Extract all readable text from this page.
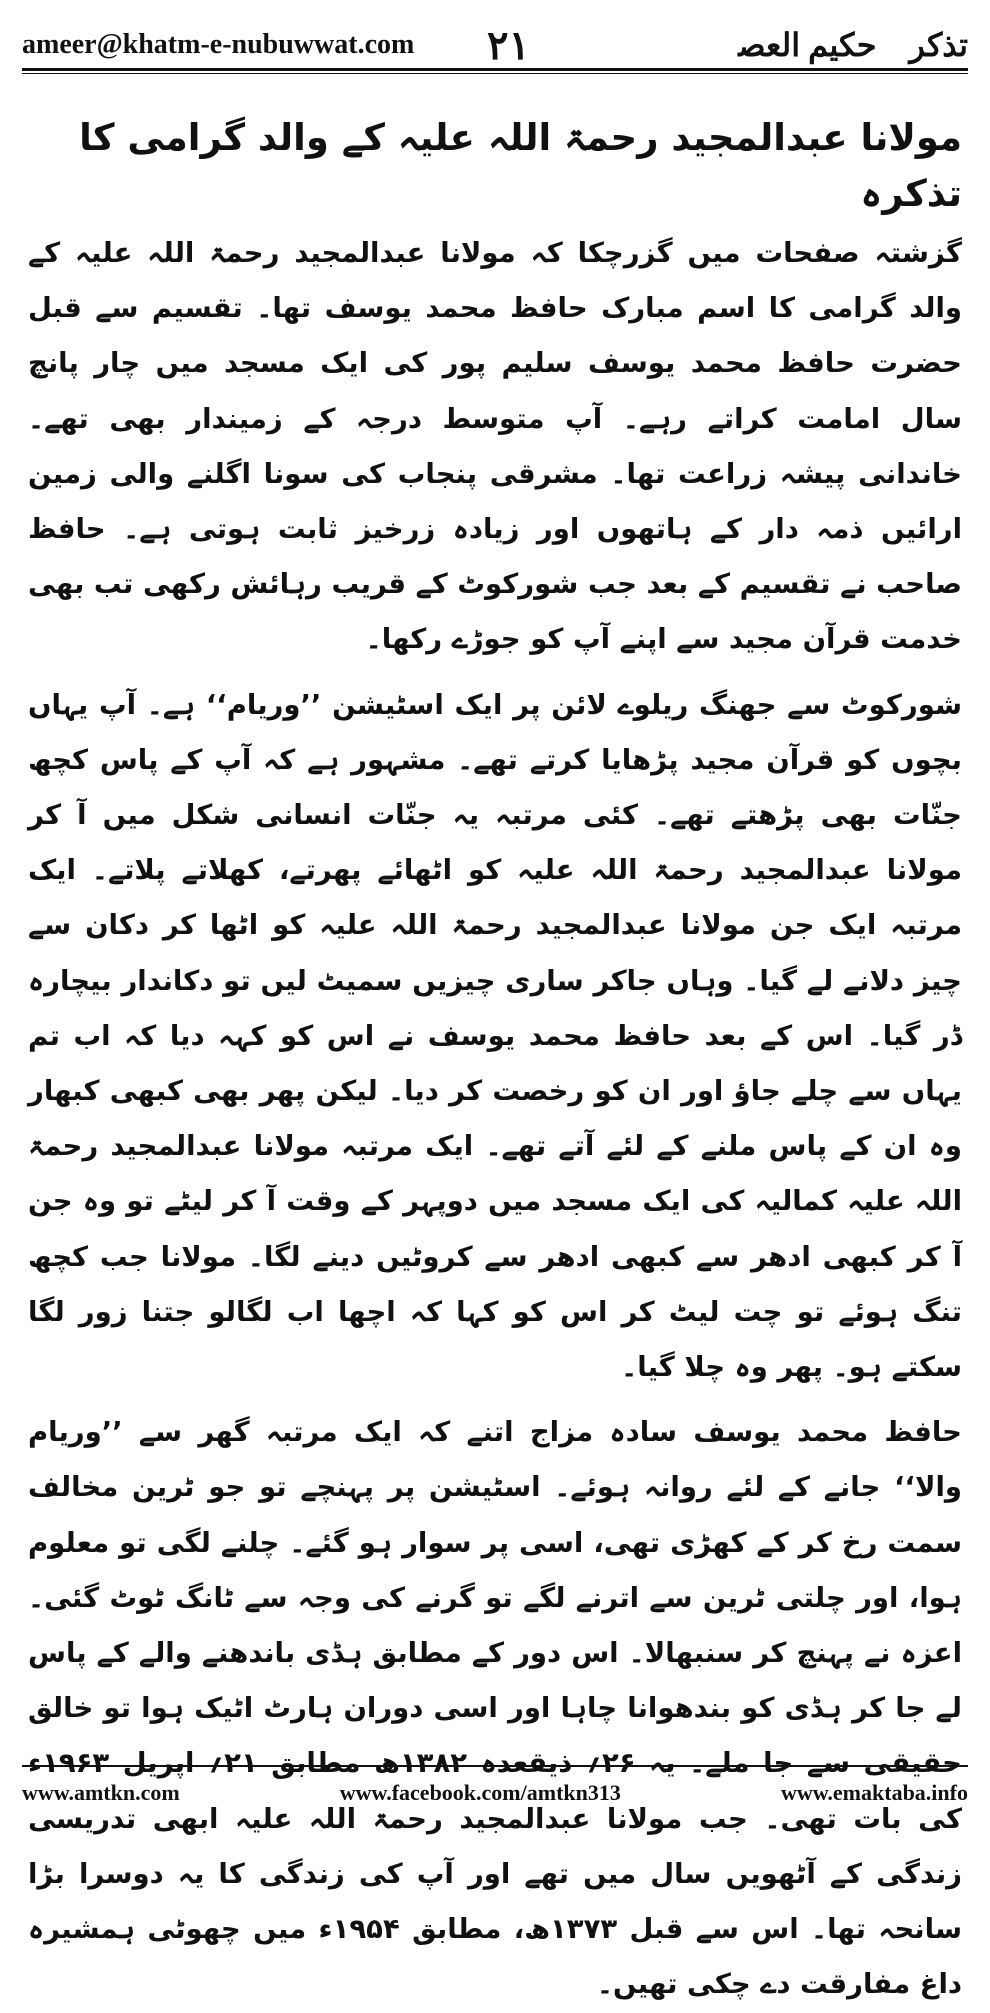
ameer@khatm-e-nubuwwat.com ۲۱	تذکرہ حکیم العصرؒ
مولانا عبدالمجید رحمۃ اللہ علیہ کے والد گرامی کا تذکرہ

گزشتہ صفحات میں گزرچکا کہ مولانا عبدالمجید رحمۃ اللہ علیہ کے والد گرامی کا اسم مبارک حافظ محمد یوسف تھا۔ تقسیم سے قبل حضرت حافظ محمد یوسف سلیم پور کی ایک مسجد میں چار پانچ سال امامت کراتے رہے۔ آپ متوسط درجہ کے زمیندار بھی تھے۔ خاندانی پیشہ زراعت تھا۔ مشرقی پنجاب کی سونا اگلنے والی زمین ارائیں ذمہ دار کے ہاتھوں اور زیادہ زرخیز ثابت ہوتی ہے۔ حافظ صاحب نے تقسیم کے بعد جب شورکوٹ کے قریب رہائش رکھی تب بھی خدمت قرآن مجید سے اپنے آپ کو جوڑے رکھا۔

شورکوٹ سے جھنگ ریلوے لائن پر ایک اسٹیشن ’’وریام‘‘ ہے۔ آپ یہاں بچوں کو قرآن مجید پڑھایا کرتے تھے۔ مشہور ہے کہ آپ کے پاس کچھ جنّات بھی پڑھتے تھے۔ کئی مرتبہ یہ جنّات انسانی شکل میں آ کر مولانا عبدالمجید رحمۃ اللہ علیہ کو اٹھائے پھرتے، کھلاتے پلاتے۔ ایک مرتبہ ایک جن مولانا عبدالمجید رحمۃ اللہ علیہ کو اٹھا کر دکان سے چیز دلانے لے گیا۔ وہاں جاکر ساری چیزیں سمیٹ لیں تو دکاندار بیچارہ ڈر گیا۔ اس کے بعد حافظ محمد یوسف نے اس کو کہہ دیا کہ اب تم یہاں سے چلے جاؤ اور ان کو رخصت کر دیا۔ لیکن پھر بھی کبھی کبھار وہ ان کے پاس ملنے کے لئے آتے تھے۔ ایک مرتبہ مولانا عبدالمجید رحمۃ اللہ علیہ کمالیہ کی ایک مسجد میں دوپہر کے وقت آ کر لیٹے تو وہ جن آ کر کبھی ادھر سے کبھی ادھر سے کروٹیں دینے لگا۔ مولانا جب کچھ تنگ ہوئے تو چت لیٹ کر اس کو کہا کہ اچھا اب لگالو جتنا زور لگا سکتے ہو۔ پھر وہ چلا گیا۔

حافظ محمد یوسف سادہ مزاج اتنے کہ ایک مرتبہ گھر سے ’’وریام والا‘‘ جانے کے لئے روانہ ہوئے۔ اسٹیشن پر پہنچے تو جو ٹرین مخالف سمت رخ کر کے کھڑی تھی، اسی پر سوار ہو گئے۔ چلنے لگی تو معلوم ہوا، اور چلتی ٹرین سے اترنے لگے تو گرنے کی وجہ سے ٹانگ ٹوٹ گئی۔ اعزہ نے پہنچ کر سنبھالا۔ اس دور کے مطابق ہڈی باندھنے والے کے پاس لے جا کر ہڈی کو بندھوانا چاہا اور اسی دوران ہارٹ اٹیک ہوا تو خالق حقیقی سے جا ملے۔ یہ ۲۶؍ ذیقعدہ ۱۳۸۲ھ مطابق ۲۱؍ اپریل ۱۹۶۳ء کی بات تھی۔ جب مولانا عبدالمجید رحمۃ اللہ علیہ ابھی تدریسی زندگی کے آٹھویں سال میں تھے اور آپ کی زندگی کا یہ دوسرا بڑا سانحہ تھا۔ اس سے قبل ۱۳۷۳ھ، مطابق ۱۹۵۴ء میں چھوٹی ہمشیرہ داغ مفارقت دے چکی تھیں۔

www.amtkn.com	www.facebook.com/amtkn313	www.emaktaba.info
